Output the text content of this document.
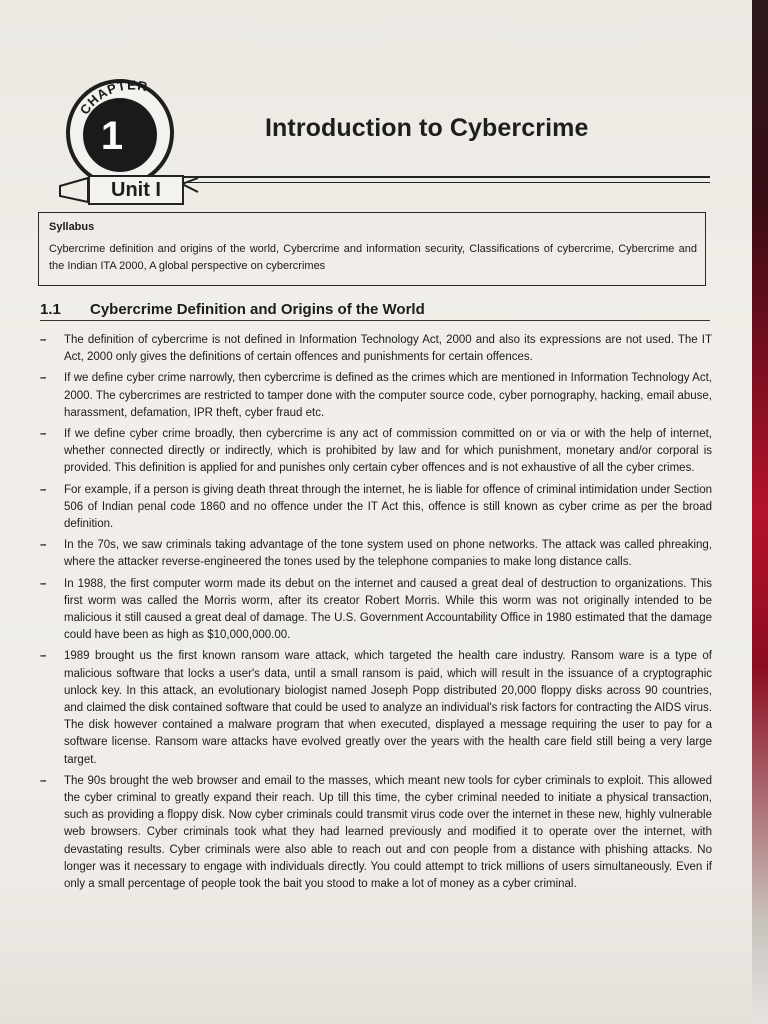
CHAPTER
1	Introduction to Cybercrime
Unit I
Syllabus
Cybercrime definition and origins of the world, Cybercrime and information security, Classifications of cybercrime, Cybercrime and the Indian ITA 2000, A global perspective on cybercrimes
1.1 Cybercrime Definition and Origins of the World
– The definition of cybercrime is not defined in Information Technology Act, 2000 and also its expressions are not used. The IT Act, 2000 only gives the definitions of certain offences and punishments for certain offences.
– If we define cyber crime narrowly, then cybercrime is defined as the crimes which are mentioned in Information Technology Act, 2000. The cybercrimes are restricted to tamper done with the computer source code, cyber pornography, hacking, email abuse, harassment, defamation, IPR theft, cyber fraud etc.
– If we define cyber crime broadly, then cybercrime is any act of commission committed on or via or with the help of internet, whether connected directly or indirectly, which is prohibited by law and for which punishment, monetary and/or corporal is provided. This definition is applied for and punishes only certain cyber offences and is not exhaustive of all the cyber crimes.
– For example, if a person is giving death threat through the internet, he is liable for offence of criminal intimidation under Section 506 of Indian penal code 1860 and no offence under the IT Act this, offence is still known as cyber crime as per the broad definition.
– In the 70s, we saw criminals taking advantage of the tone system used on phone networks. The attack was called phreaking, where the attacker reverse-engineered the tones used by the telephone companies to make long distance calls.
– In 1988, the first computer worm made its debut on the internet and caused a great deal of destruction to organizations. This first worm was called the Morris worm, after its creator Robert Morris. While this worm was not originally intended to be malicious it still caused a great deal of damage. The U.S. Government Accountability Office in 1980 estimated that the damage could have been as high as $10,000,000.00.
– 1989 brought us the first known ransom ware attack, which targeted the health care industry. Ransom ware is a type of malicious software that locks a user's data, until a small ransom is paid, which will result in the issuance of a cryptographic unlock key. In this attack, an evolutionary biologist named Joseph Popp distributed 20,000 floppy disks across 90 countries, and claimed the disk contained software that could be used to analyze an individual's risk factors for contracting the AIDS virus. The disk however contained a malware program that when executed, displayed a message requiring the user to pay for a software license. Ransom ware attacks have evolved greatly over the years with the health care field still being a very large target.
– The 90s brought the web browser and email to the masses, which meant new tools for cyber criminals to exploit. This allowed the cyber criminal to greatly expand their reach. Up till this time, the cyber criminal needed to initiate a physical transaction, such as providing a floppy disk. Now cyber criminals could transmit virus code over the internet in these new, highly vulnerable web browsers. Cyber criminals took what they had learned previously and modified it to operate over the internet, with devastating results. Cyber criminals were also able to reach out and con people from a distance with phishing attacks. No longer was it necessary to engage with individuals directly. You could attempt to trick millions of users simultaneously. Even if only a small percentage of people took the bait you stood to make a lot of money as a cyber criminal.
